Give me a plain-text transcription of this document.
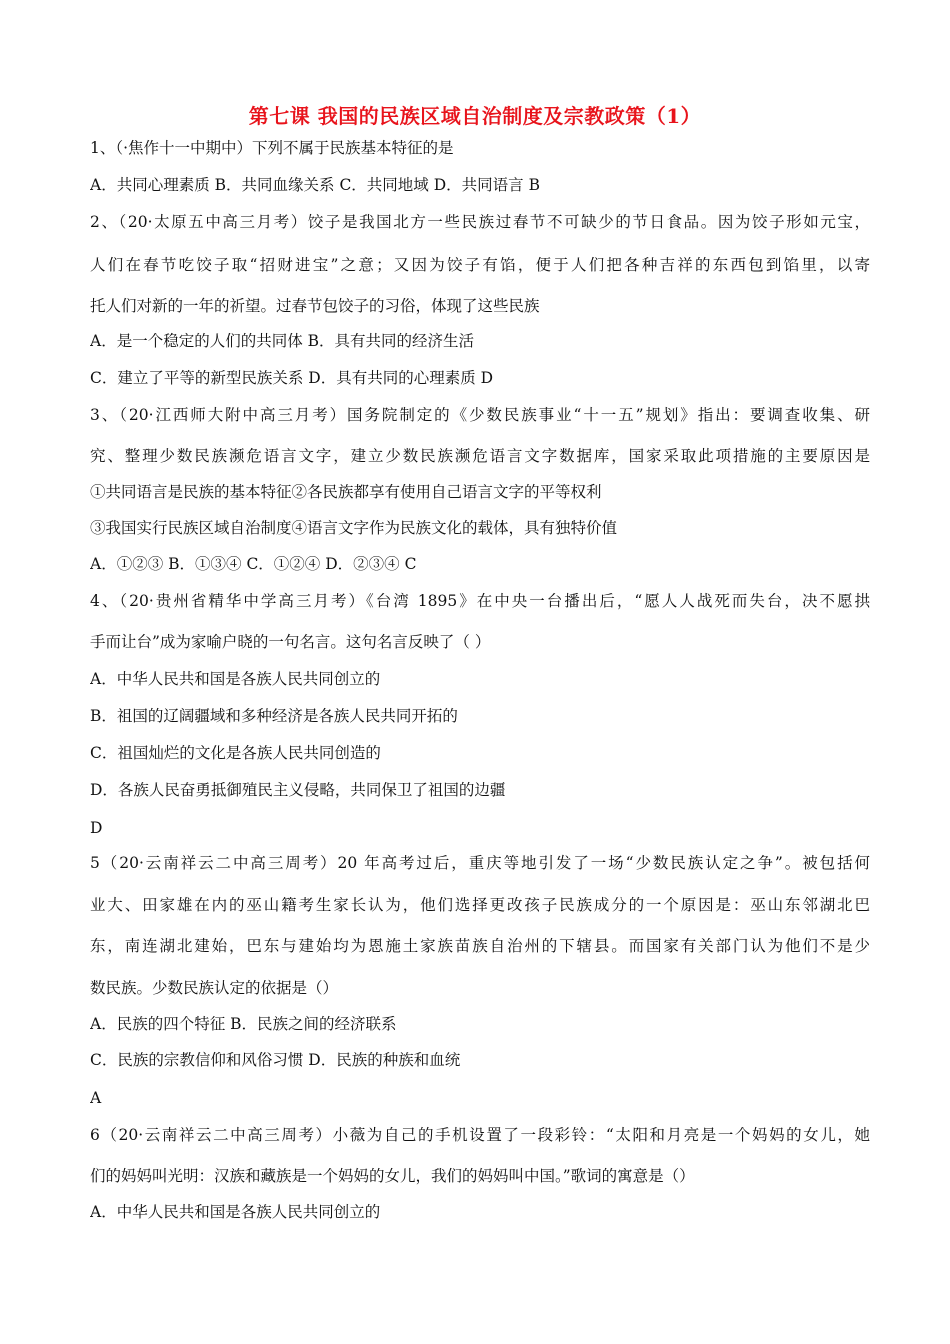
第七课 我国的民族区域自治制度及宗教政策（1）
1、（·焦作十一中期中）下列不属于民族基本特征的是
A．共同心理素质 B．共同血缘关系 C．共同地域 D．共同语言 B
2、（20·太原五中高三月考）饺子是我国北方一些民族过春节不可缺少的节日食品。因为饺子形如元宝，
人们在春节吃饺子取“招财进宝”之意；又因为饺子有馅，便于人们把各种吉祥的东西包到馅里，以寄
托人们对新的一年的祈望。过春节包饺子的习俗，体现了这些民族
A．是一个稳定的人们的共同体 B．具有共同的经济生活
C．建立了平等的新型民族关系 D．具有共同的心理素质 D
3、（20·江西师大附中高三月考）国务院制定的《少数民族事业“十一五”规划》指出：要调查收集、研
究、整理少数民族濒危语言文字，建立少数民族濒危语言文字数据库，国家采取此项措施的主要原因是
①共同语言是民族的基本特征②各民族都享有使用自己语言文字的平等权利
③我国实行民族区域自治制度④语言文字作为民族文化的载体，具有独特价值
A．①②③ B．①③④ C．①②④ D．②③④ C
4、（20·贵州省精华中学高三月考）《台湾 1895》在中央一台播出后，“愿人人战死而失台，决不愿拱
手而让台”成为家喻户晓的一句名言。这句名言反映了（ ）
A．中华人民共和国是各族人民共同创立的
B．祖国的辽阔疆域和多种经济是各族人民共同开拓的
C．祖国灿烂的文化是各族人民共同创造的
D．各族人民奋勇抵御殖民主义侵略，共同保卫了祖国的边疆
D
5（20·云南祥云二中高三周考）20 年高考过后，重庆等地引发了一场“少数民族认定之争”。被包括何
业大、田家雄在内的巫山籍考生家长认为，他们选择更改孩子民族成分的一个原因是：巫山东邻湖北巴
东，南连湖北建始，巴东与建始均为恩施土家族苗族自治州的下辖县。而国家有关部门认为他们不是少
数民族。少数民族认定的依据是（）
A．民族的四个特征 B．民族之间的经济联系
C．民族的宗教信仰和风俗习惯 D．民族的种族和血统
A
6（20·云南祥云二中高三周考）小薇为自己的手机设置了一段彩铃：“太阳和月亮是一个妈妈的女儿，她
们的妈妈叫光明：汉族和藏族是一个妈妈的女儿，我们的妈妈叫中国。”歌词的寓意是（）
A．中华人民共和国是各族人民共同创立的
